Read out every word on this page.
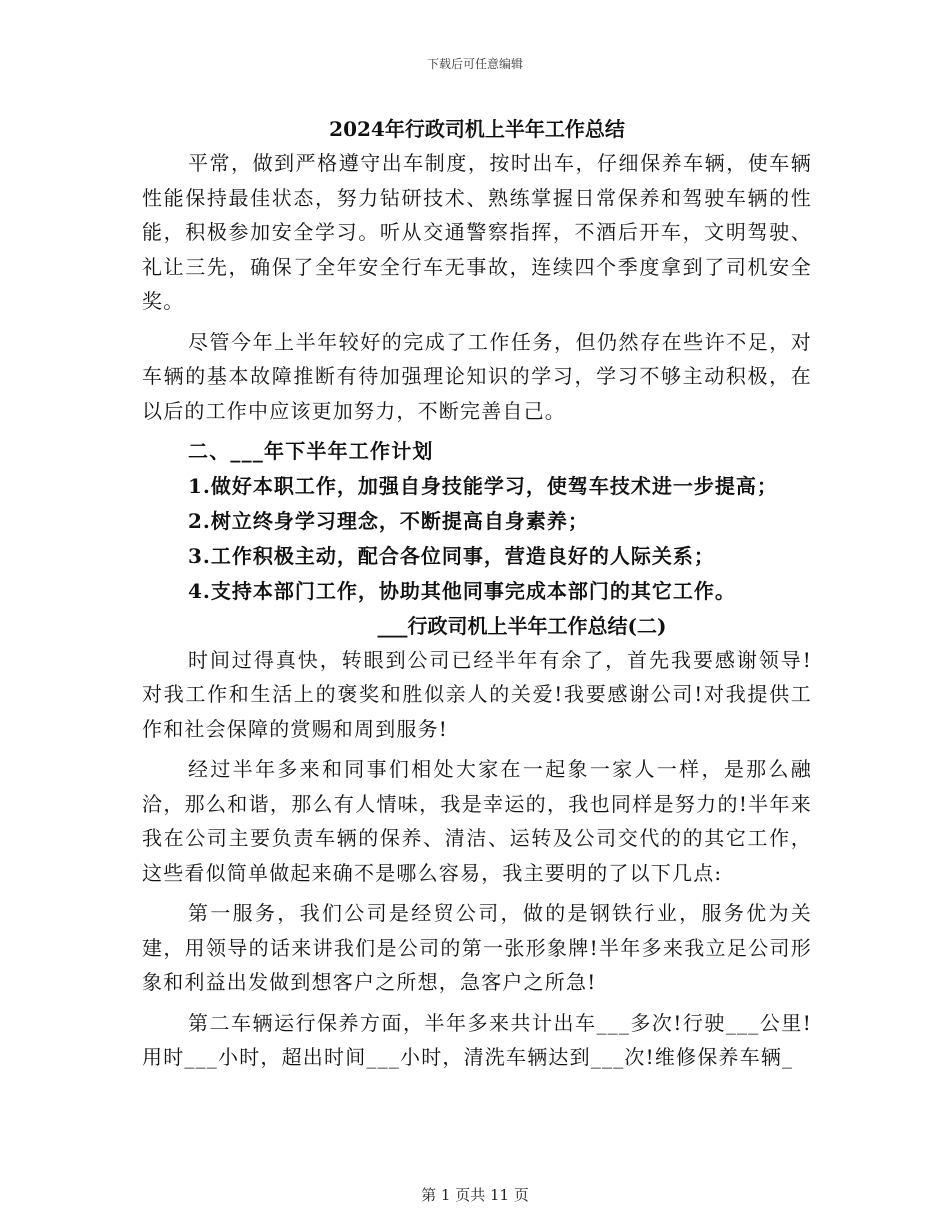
下载后可任意编辑
2024年行政司机上半年工作总结

平常，做到严格遵守出车制度，按时出车，仔细保养车辆，使车辆性能保持最佳状态，努力钻研技术、熟练掌握日常保养和驾驶车辆的性能，积极参加安全学习。听从交通警察指挥，不酒后开车，文明驾驶、礼让三先，确保了全年安全行车无事故，连续四个季度拿到了司机安全奖。

尽管今年上半年较好的完成了工作任务，但仍然存在些许不足，对车辆的基本故障推断有待加强理论知识的学习，学习不够主动积极，在以后的工作中应该更加努力，不断完善自己。

二、___年下半年工作计划

1.做好本职工作，加强自身技能学习，使驾车技术进一步提高；
2.树立终身学习理念，不断提高自身素养；
3.工作积极主动，配合各位同事，营造良好的人际关系；
4.支持本部门工作，协助其他同事完成本部门的其它工作。
___行政司机上半年工作总结(二)

时间过得真快，转眼到公司已经半年有余了，首先我要感谢领导!对我工作和生活上的褒奖和胜似亲人的关爱!我要感谢公司!对我提供工作和社会保障的赏赐和周到服务!

经过半年多来和同事们相处大家在一起象一家人一样，是那么融洽，那么和谐，那么有人情味，我是幸运的，我也同样是努力的!半年来我在公司主要负责车辆的保养、清洁、运转及公司交代的的其它工作，这些看似简单做起来确不是哪么容易，我主要明的了以下几点:

第一服务，我们公司是经贸公司，做的是钢铁行业，服务优为关建，用领导的话来讲我们是公司的第一张形象牌!半年多来我立足公司形象和利益出发做到想客户之所想，急客户之所急!

第二车辆运行保养方面，半年多来共计出车___多次!行驶___公里!用时___小时，超出时间___小时，清洗车辆达到___次!维修保养车辆_

第 1 页共 11 页
